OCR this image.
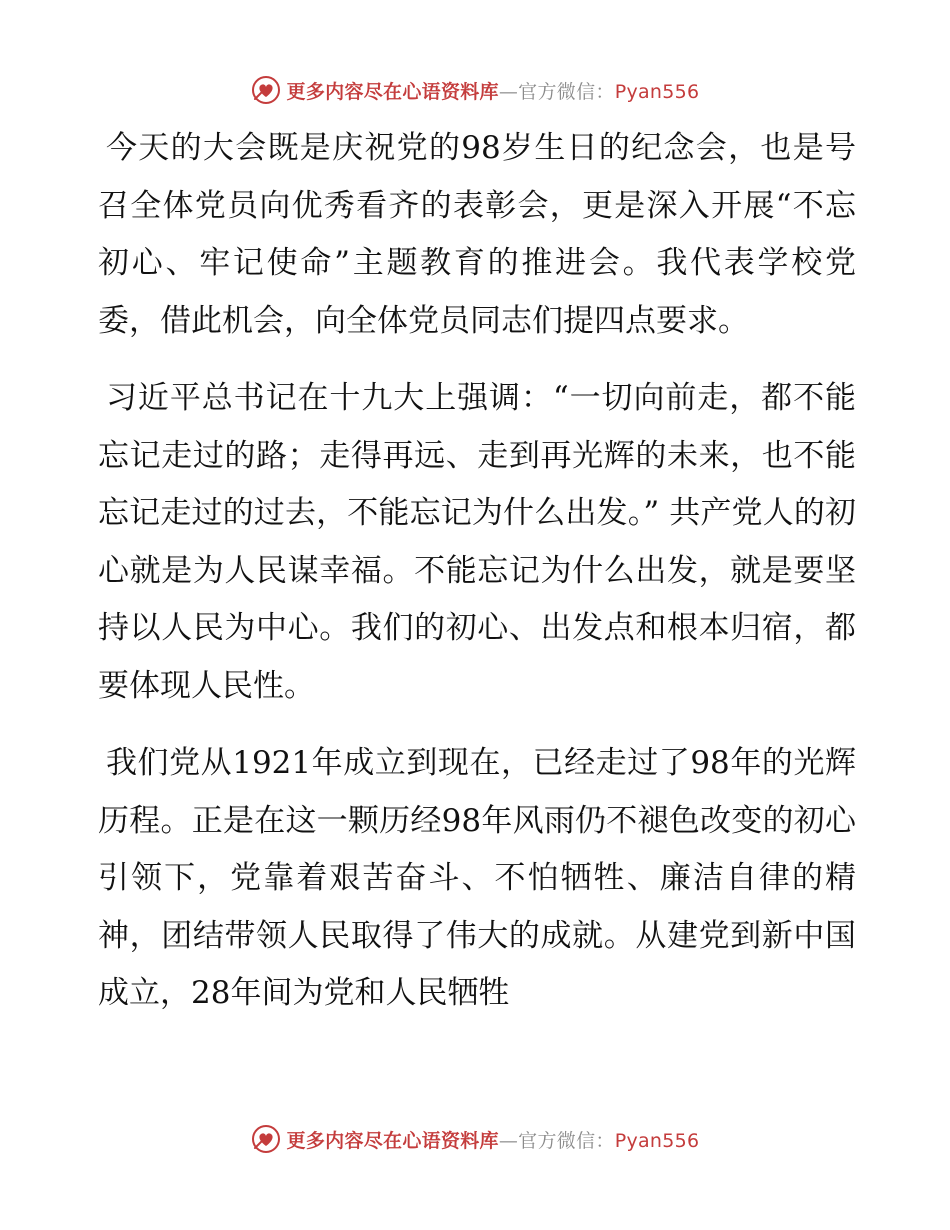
更多内容尽在心语资料库—官方微信：Pyan556

今天的大会既是庆祝党的98岁生日的纪念会，也是号召全体党员向优秀看齐的表彰会，更是深入开展“不忘初心、牢记使命”主题教育的推进会。我代表学校党委，借此机会，向全体党员同志们提四点要求。

习近平总书记在十九大上强调：“一切向前走，都不能忘记走过的路；走得再远、走到再光辉的未来，也不能忘记走过的过去，不能忘记为什么出发。” 共产党人的初心就是为人民谋幸福。不能忘记为什么出发，就是要坚持以人民为中心。我们的初心、出发点和根本归宿，都要体现人民性。

我们党从1921年成立到现在，已经走过了98年的光辉历程。正是在这一颗历经98年风雨仍不褪色改变的初心引领下，党靠着艰苦奋斗、不怕牺牲、廉洁自律的精神，团结带领人民取得了伟大的成就。从建党到新中国成立，28年间为党和人民牺牲

更多内容尽在心语资料库—官方微信：Pyan556
